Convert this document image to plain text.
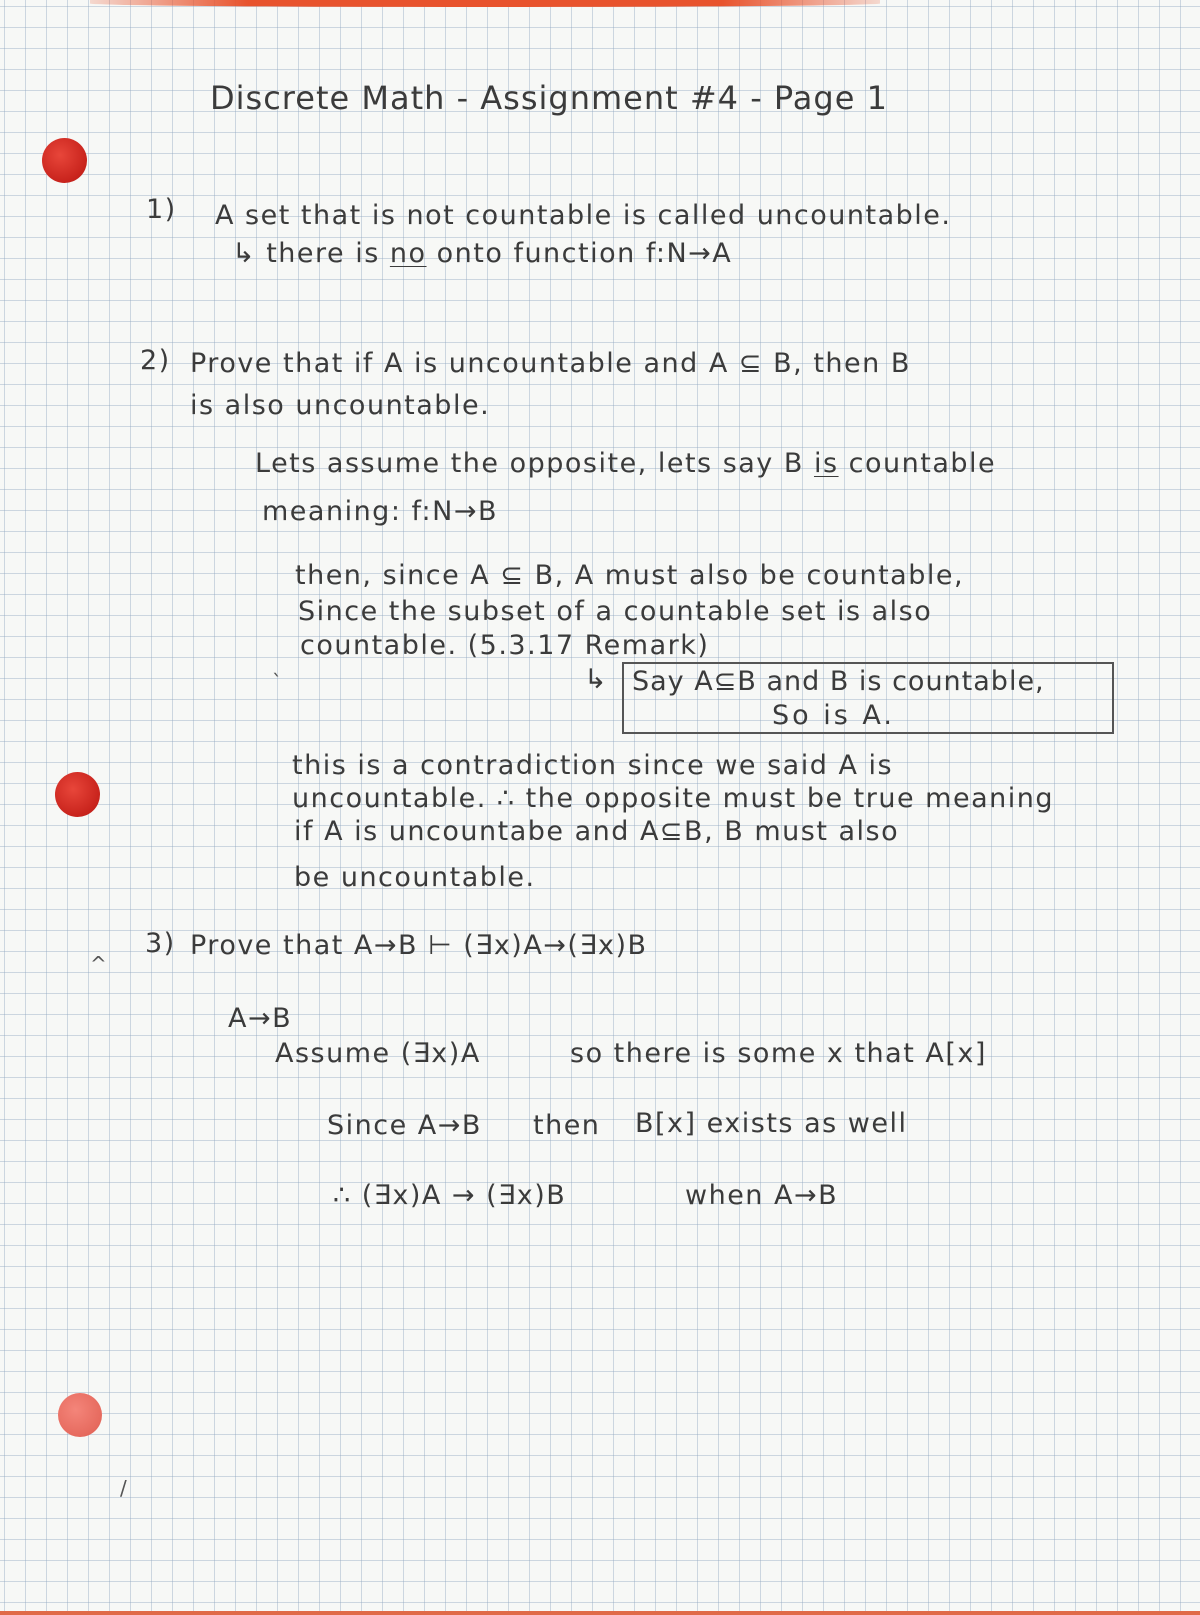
^
`
/
Discrete Math - Assignment #4 - Page 1
1) A set that is not countable is called uncountable.
↳ there is no onto function f:N→A
2) Prove that if A is uncountable and A ⊆ B, then B
is also uncountable.
Lets assume the opposite, lets say B is countable
meaning: f:N→B
then, since A ⊆ B, A must also be countable,
Since the subset of a countable set is also
countable. (5.3.17 Remark)
↳ Say A⊆B and B is countable,
So is A.
this is a contradiction since we said A is
uncountable. ∴ the opposite must be true meaning
if A is uncountabe and A⊆B, B must also
be uncountable.
3) Prove that A→B ⊢ (∃x)A→(∃x)B
A→B
Assume (∃x)A	so there is some x that A[x]
Since A→B then B[x] exists as well
∴ (∃x)A → (∃x)B	when A→B
